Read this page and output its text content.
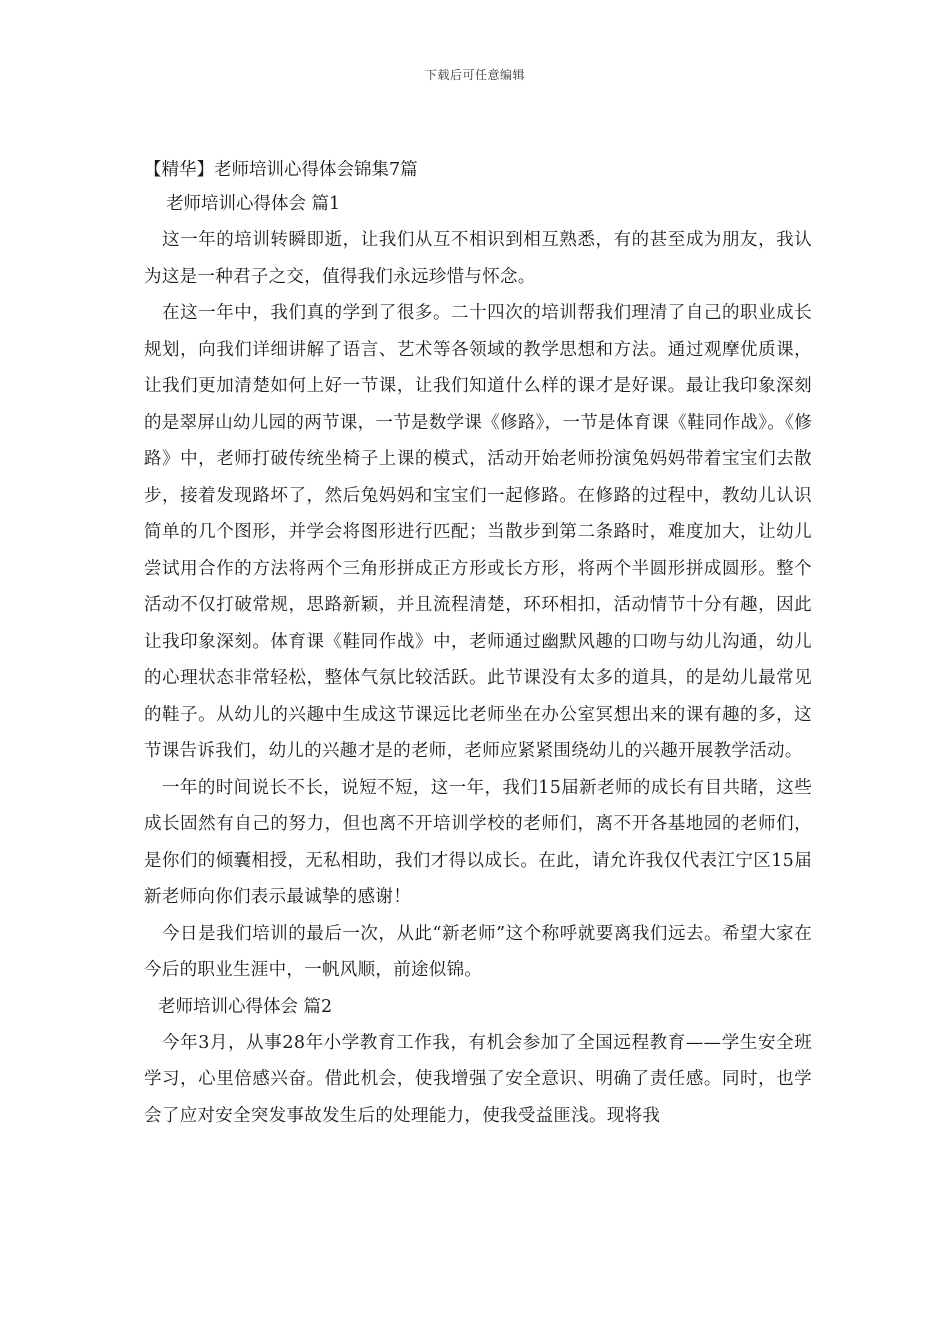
下载后可任意编辑
【精华】老师培训心得体会锦集7篇
老师培训心得体会 篇1

这一年的培训转瞬即逝，让我们从互不相识到相互熟悉，有的甚至成为朋友，我认为这是一种君子之交，值得我们永远珍惜与怀念。

在这一年中，我们真的学到了很多。二十四次的培训帮我们理清了自己的职业成长规划，向我们详细讲解了语言、艺术等各领域的教学思想和方法。通过观摩优质课，让我们更加清楚如何上好一节课，让我们知道什么样的课才是好课。最让我印象深刻的是翠屏山幼儿园的两节课，一节是数学课《修路》，一节是体育课《鞋同作战》。《修路》中，老师打破传统坐椅子上课的模式，活动开始老师扮演兔妈妈带着宝宝们去散步，接着发现路坏了，然后兔妈妈和宝宝们一起修路。在修路的过程中，教幼儿认识简单的几个图形，并学会将图形进行匹配；当散步到第二条路时，难度加大，让幼儿尝试用合作的方法将两个三角形拼成正方形或长方形，将两个半圆形拼成圆形。整个活动不仅打破常规，思路新颖，并且流程清楚，环环相扣，活动情节十分有趣，因此让我印象深刻。体育课《鞋同作战》中，老师通过幽默风趣的口吻与幼儿沟通，幼儿的心理状态非常轻松，整体气氛比较活跃。此节课没有太多的道具，的是幼儿最常见的鞋子。从幼儿的兴趣中生成这节课远比老师坐在办公室冥想出来的课有趣的多，这节课告诉我们，幼儿的兴趣才是的老师，老师应紧紧围绕幼儿的兴趣开展教学活动。

一年的时间说长不长，说短不短，这一年，我们15届新老师的成长有目共睹，这些成长固然有自己的努力，但也离不开培训学校的老师们，离不开各基地园的老师们，是你们的倾囊相授，无私相助，我们才得以成长。在此，请允许我仅代表江宁区15届新老师向你们表示最诚挚的感谢！

今日是我们培训的最后一次，从此“新老师”这个称呼就要离我们远去。希望大家在今后的职业生涯中，一帆风顺，前途似锦。

老师培训心得体会 篇2

今年3月，从事28年小学教育工作我，有机会参加了全国远程教育——学生安全班学习，心里倍感兴奋。借此机会，使我增强了安全意识、明确了责任感。同时，也学会了应对安全突发事故发生后的处理能力，使我受益匪浅。现将我
